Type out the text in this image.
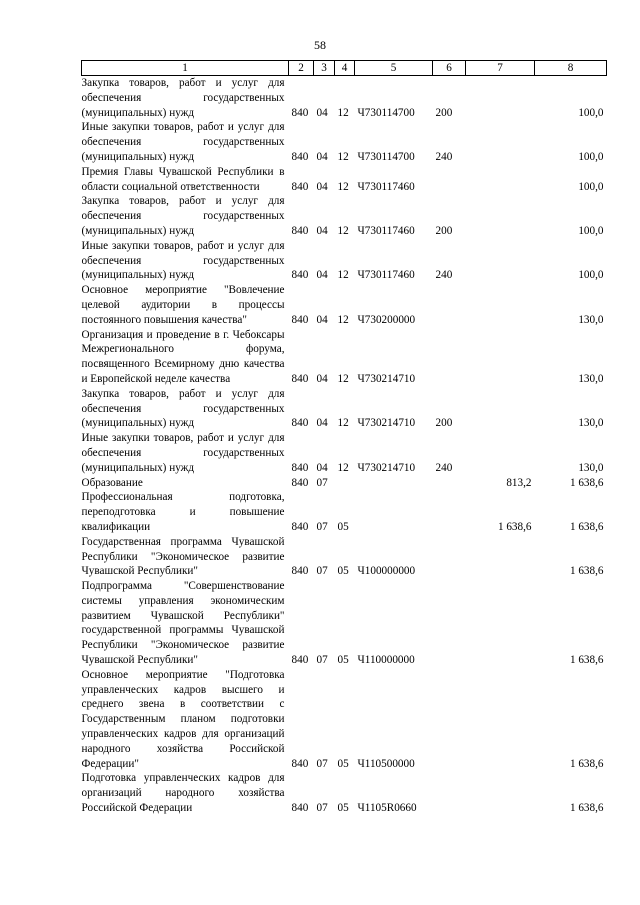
58
1	2	3	4	5	6	7	8
Закупка товаров, работ и услуг для обеспечения государственных (муниципальных) нужд	840	04	12	Ч730114700	200		100,0
Иные закупки товаров, работ и услуг для обеспечения государственных (муниципальных) нужд	840	04	12	Ч730114700	240		100,0
Премия Главы Чувашской Республики в области социальной ответственности	840	04	12	Ч730117460			100,0
Закупка товаров, работ и услуг для обеспечения государственных (муниципальных) нужд	840	04	12	Ч730117460	200		100,0
Иные закупки товаров, работ и услуг для обеспечения государственных (муниципальных) нужд	840	04	12	Ч730117460	240		100,0
Основное мероприятие "Вовлечение целевой аудитории в процессы постоянного повышения качества"	840	04	12	Ч730200000			130,0
Организация и проведение в г. Чебоксары Межрегионального форума, посвященного Всемирному дню качества и Европейской неделе качества	840	04	12	Ч730214710			130,0
Закупка товаров, работ и услуг для обеспечения государственных (муниципальных) нужд	840	04	12	Ч730214710	200		130,0
Иные закупки товаров, работ и услуг для обеспечения государственных (муниципальных) нужд	840	04	12	Ч730214710	240		130,0
Образование	840	07				813,2	1 638,6
Профессиональная подготовка, переподготовка и повышение квалификации	840	07	05			1 638,6	1 638,6
Государственная программа Чувашской Республики "Экономическое развитие Чувашской Республики"	840	07	05	Ч100000000			1 638,6
Подпрограмма "Совершенствование системы управления экономическим развитием Чувашской Республики" государственной программы Чувашской Республики "Экономическое развитие Чувашской Республики"	840	07	05	Ч110000000			1 638,6
Основное мероприятие "Подготовка управленческих кадров высшего и среднего звена в соответствии с Государственным планом подготовки управленческих кадров для организаций народного хозяйства Российской Федерации"	840	07	05	Ч110500000			1 638,6
Подготовка управленческих кадров для организаций народного хозяйства Российской Федерации	840	07	05	Ч1105R0660			1 638,6
